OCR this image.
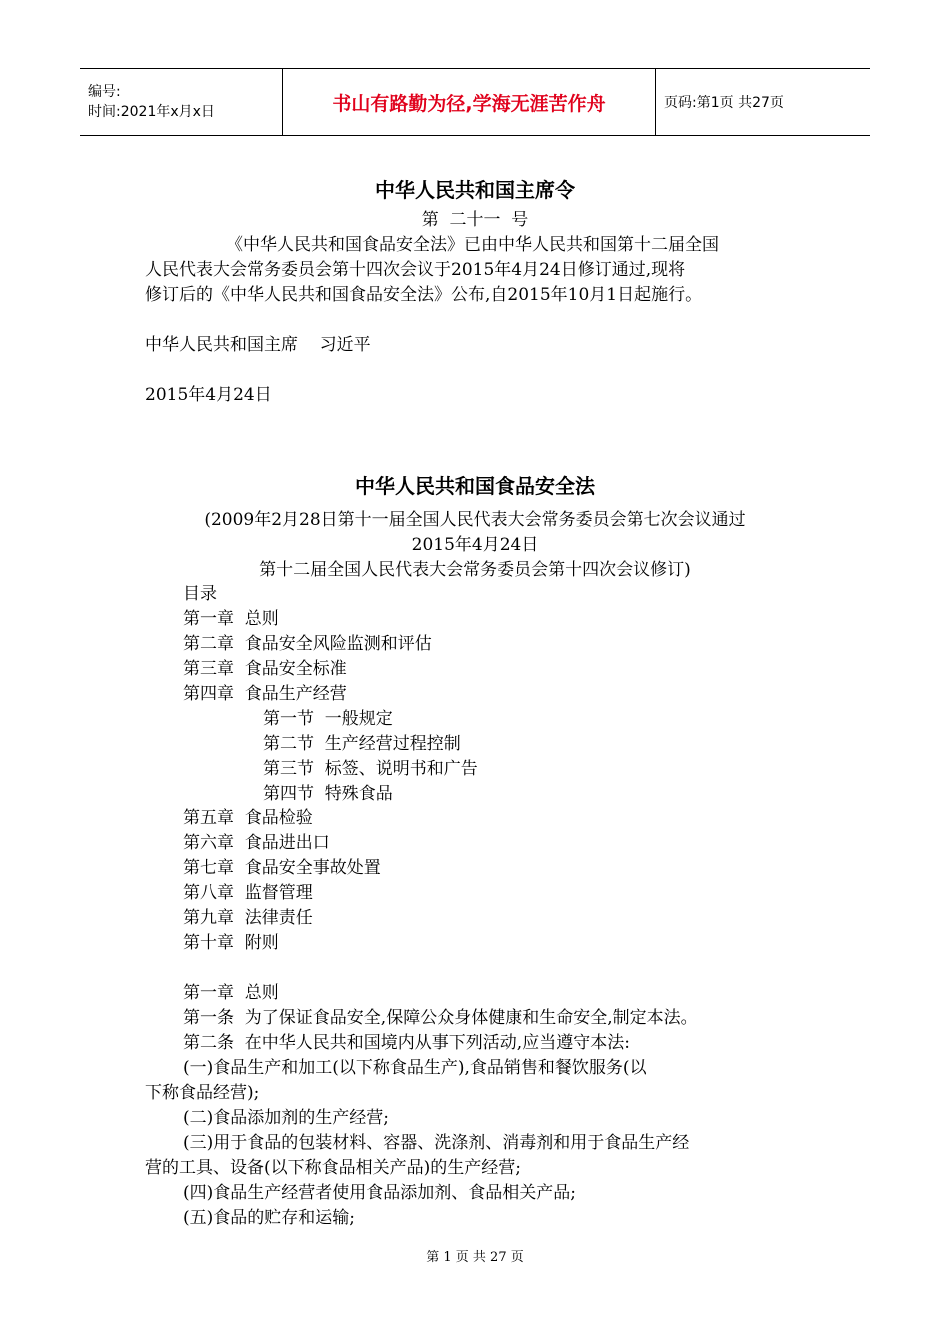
编号:
时间:2021年x月x日	书山有路勤为径,学海无涯苦作舟	页码:第1页 共27页
中华人民共和国主席令
第  二十一  号
《中华人民共和国食品安全法》已由中华人民共和国第十二届全国
人民代表大会常务委员会第十四次会议于2015年4月24日修订通过,现将
修订后的《中华人民共和国食品安全法》公布,自2015年10月1日起施行。
中华人民共和国主席    习近平
2015年4月24日
中华人民共和国食品安全法
(2009年2月28日第十一届全国人民代表大会常务委员会第七次会议通过
2015年4月24日
第十二届全国人民代表大会常务委员会第十四次会议修订)
目录
第一章  总则
第二章  食品安全风险监测和评估
第三章  食品安全标准
第四章  食品生产经营
第一节  一般规定
第二节  生产经营过程控制
第三节  标签、说明书和广告
第四节  特殊食品
第五章  食品检验
第六章  食品进出口
第七章  食品安全事故处置
第八章  监督管理
第九章  法律责任
第十章  附则
第一章  总则
第一条  为了保证食品安全,保障公众身体健康和生命安全,制定本法。
第二条  在中华人民共和国境内从事下列活动,应当遵守本法:
(一)食品生产和加工(以下称食品生产),食品销售和餐饮服务(以
下称食品经营);
(二)食品添加剂的生产经营;
(三)用于食品的包装材料、容器、洗涤剂、消毒剂和用于食品生产经
营的工具、设备(以下称食品相关产品)的生产经营;
(四)食品生产经营者使用食品添加剂、食品相关产品;
(五)食品的贮存和运输;
第 1 页 共 27 页
